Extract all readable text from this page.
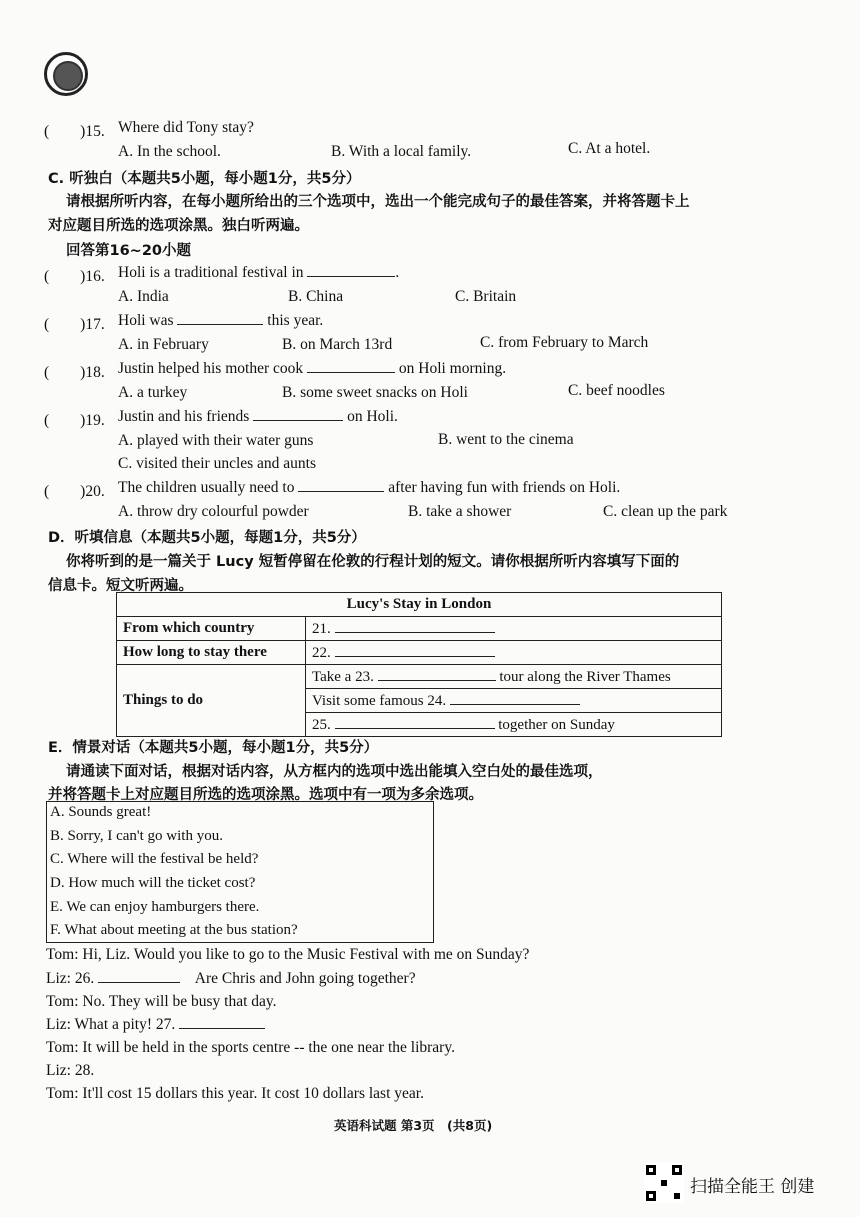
(　　)15. Where did Tony stay?
A. In the school.	B. With a local family.	C. At a hotel.
C. 听独白（本题共5小题，每小题1分，共5分）
请根据所听内容，在每小题所给出的三个选项中，选出一个能完成句子的最佳答案，并将答题卡上
对应题目所选的选项涂黑。独白听两遍。
回答第16~20小题
(　　)16. Holi is a traditional festival in	.
A. India	B. China	C. Britain
(　　)17. Holi was	this year.
A. in February	B. on March 13rd	C. from February to March
(　　)18. Justin helped his mother cook	on Holi morning.
A. a turkey	B. some sweet snacks on Holi	C. beef noodles
(　　)19. Justin and his friends	on Holi.
A. played with their water guns	B. went to the cinema
C. visited their uncles and aunts
(　　)20. The children usually need to	after having fun with friends on Holi.
A. throw dry colourful powder	B. take a shower	C. clean up the park
D．听填信息（本题共5小题，每题1分，共5分）
你将听到的是一篇关于 Lucy 短暂停留在伦敦的行程计划的短文。请你根据所听内容填写下面的
信息卡。短文听两遍。
Lucy's Stay in London	
From which country	21.
How long to stay there	22.
Things to do	Take a 23. tour along the River Thames
	Visit some famous 24.
	25. together on Sunday
E．情景对话（本题共5小题，每小题1分，共5分）
请通读下面对话，根据对话内容，从方框内的选项中选出能填入空白处的最佳选项，
并将答题卡上对应题目所选的选项涂黑。选项中有一项为多余选项。
A. Sounds great!
B. Sorry, I can't go with you.
C. Where will the festival be held?
D. How much will the ticket cost?
E. We can enjoy hamburgers there.
F. What about meeting at the bus station?
Tom: Hi, Liz. Would you like to go to the Music Festival with me on Sunday?
Liz: 26.	Are Chris and John going together?
Tom: No. They will be busy that day.
Liz: What a pity! 27.
Tom: It will be held in the sports centre -- the one near the library.
Liz: 28.
Tom: It'll cost 15 dollars this year. It cost 10 dollars last year.
英语科试题 第3页　(共8页)
扫描全能王 创建
